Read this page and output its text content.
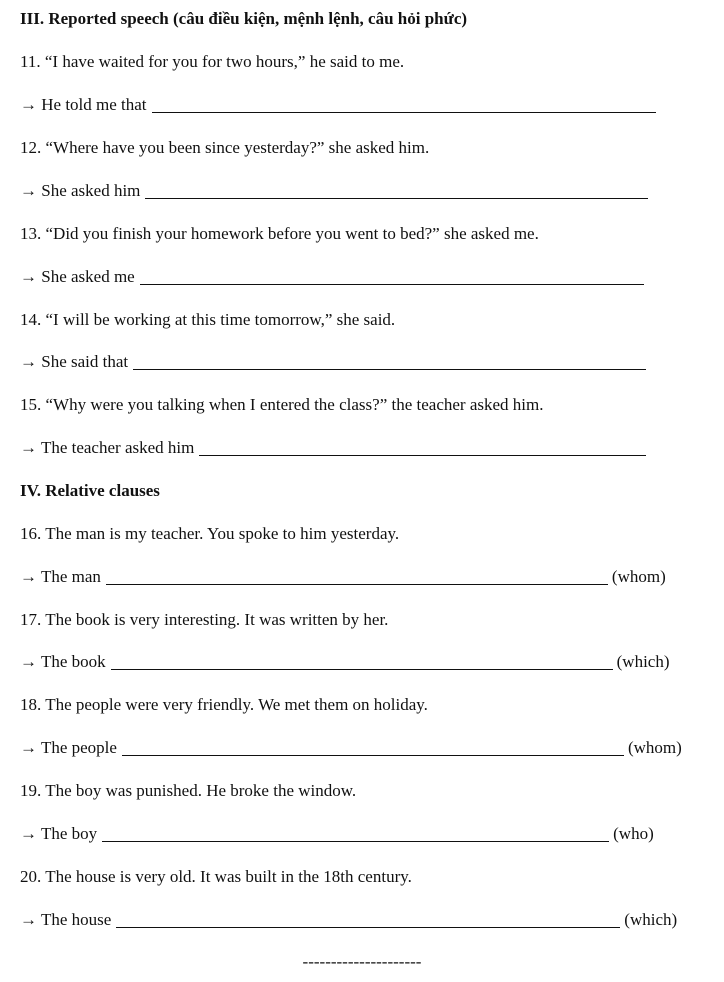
III. Reported speech (câu điều kiện, mệnh lệnh, câu hỏi phức)
11. “I have waited for you for two hours,” he said to me.
→ He told me that
12. “Where have you been since yesterday?” she asked him.
→ She asked him
13. “Did you finish your homework before you went to bed?” she asked me.
→ She asked me
14. “I will be working at this time tomorrow,” she said.
→ She said that
15. “Why were you talking when I entered the class?” the teacher asked him.
→ The teacher asked him
IV. Relative clauses
16. The man is my teacher. You spoke to him yesterday.
→ The man	(whom)
17. The book is very interesting. It was written by her.
→ The book	(which)
18. The people were very friendly. We met them on holiday.
→ The people	(whom)
19. The boy was punished. He broke the window.
→ The boy	(who)
20. The house is very old. It was built in the 18th century.
→ The house	(which)
---------------------
